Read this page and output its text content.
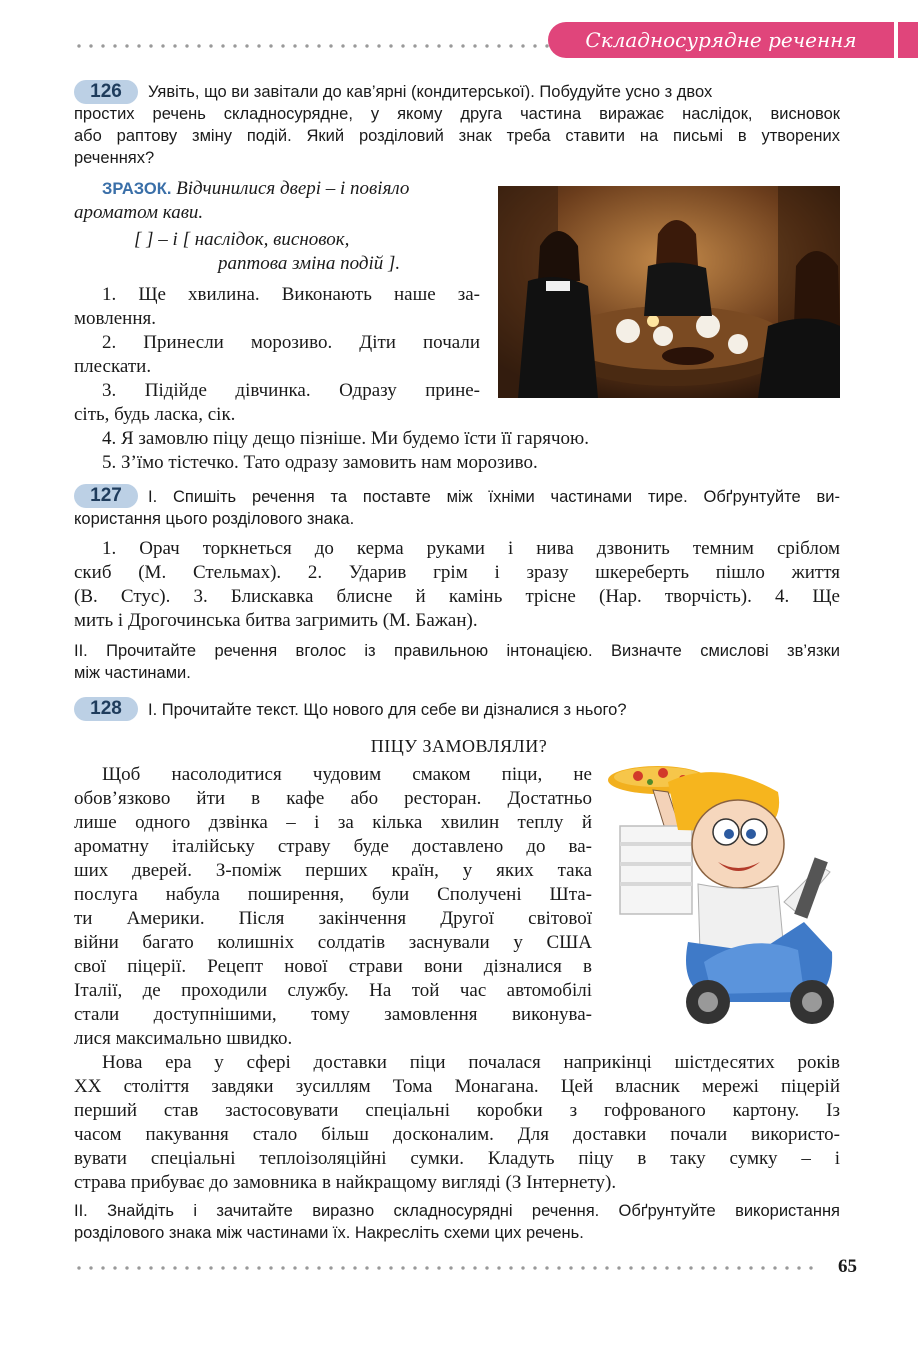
Складносурядне речення
126	Уявіть, що ви завітали до кав’ярні (кондитерської). Побудуйте усно з двох
простих речень складносурядне, у якому друга частина виражає наслідок, висновок
або раптову зміну подій. Який розділовий знак треба ставити на письмі в утворених
реченнях?
ЗРАЗОК. Відчинилися двері – і повіяло
ароматом кави.
[ ] – і [ наслідок, висновок,
раптова зміна подій ].
1. Ще хвилина. Виконають наше за-
мовлення.
2. Принесли морозиво. Діти почали
плескати.
3. Підійде дівчинка. Одразу прине-
сіть, будь ласка, сік.
4. Я замовлю піцу дещо пізніше. Ми будемо їсти її гарячою.
5. З’їмо тістечко. Тато одразу замовить нам морозиво.
127	I. Спишіть речення та поставте між їхніми частинами тире. Обґрунтуйте ви-
користання цього розділового знака.
1. Орач торкнеться до керма руками і нива дзвонить темним сріблом
скиб (М. Стельмах). 2. Ударив грім і зразу шкереберть пішло життя
(В. Стус). 3. Блискавка блисне й камінь трісне (Нар. творчість). 4. Ще
мить і Дрогочинська битва загримить (М. Бажан).
II. Прочитайте речення вголос із правильною інтонацією. Визначте смислові зв’язки
між частинами.
128	I. Прочитайте текст. Що нового для себе ви дізналися з нього?
ПІЦУ ЗАМОВЛЯЛИ?
Щоб насолодитися чудовим смаком піци, не
обов’язково йти в кафе або ресторан. Достатньо
лише одного дзвінка – і за кілька хвилин теплу й
ароматну італійську страву буде доставлено до ва-
ших дверей. З-поміж перших країн, у яких така
послуга набула поширення, були Сполучені Шта-
ти Америки. Після закінчення Другої світової
війни багато колишніх солдатів заснували у США
свої піцерії. Рецепт нової страви вони дізналися в
Італії, де проходили службу. На той час автомобілі
стали доступнішими, тому замовлення виконува-
лися максимально швидко.
Нова ера у сфері доставки піци почалася наприкінці шістдесятих років
XX століття завдяки зусиллям Тома Монагана. Цей власник мережі піцерій
перший став застосовувати спеціальні коробки з гофрованого картону. Із
часом пакування стало більш досконалим. Для доставки почали використо-
вувати спеціальні теплоізоляційні сумки. Кладуть піцу в таку сумку – і
страва прибуває до замовника в найкращому вигляді (З Інтернету).
II. Знайдіть і зачитайте виразно складносурядні речення. Обґрунтуйте використання
розділового знака між частинами їх. Накресліть схеми цих речень.
65
